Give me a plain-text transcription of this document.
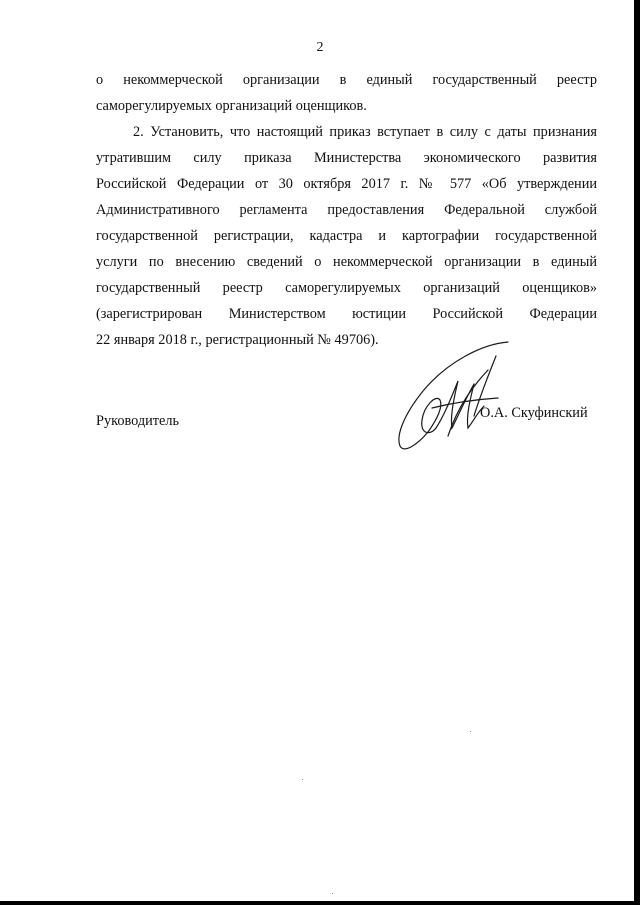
2
о некоммерческой организации в единый государственный реестр
саморегулируемых организаций оценщиков.
2. Установить, что настоящий приказ вступает в силу с даты признания
утратившим силу приказа Министерства экономического развития
Российской Федерации от 30 октября 2017 г. № 577 «Об утверждении
Административного регламента предоставления Федеральной службой
государственной регистрации, кадастра и картографии государственной
услуги по внесению сведений о некоммерческой организации в единый
государственный реестр саморегулируемых организаций оценщиков»
(зарегистрирован Министерством юстиции Российской Федерации
22 января 2018 г., регистрационный № 49706).
Руководитель	О.А. Скуфинский
